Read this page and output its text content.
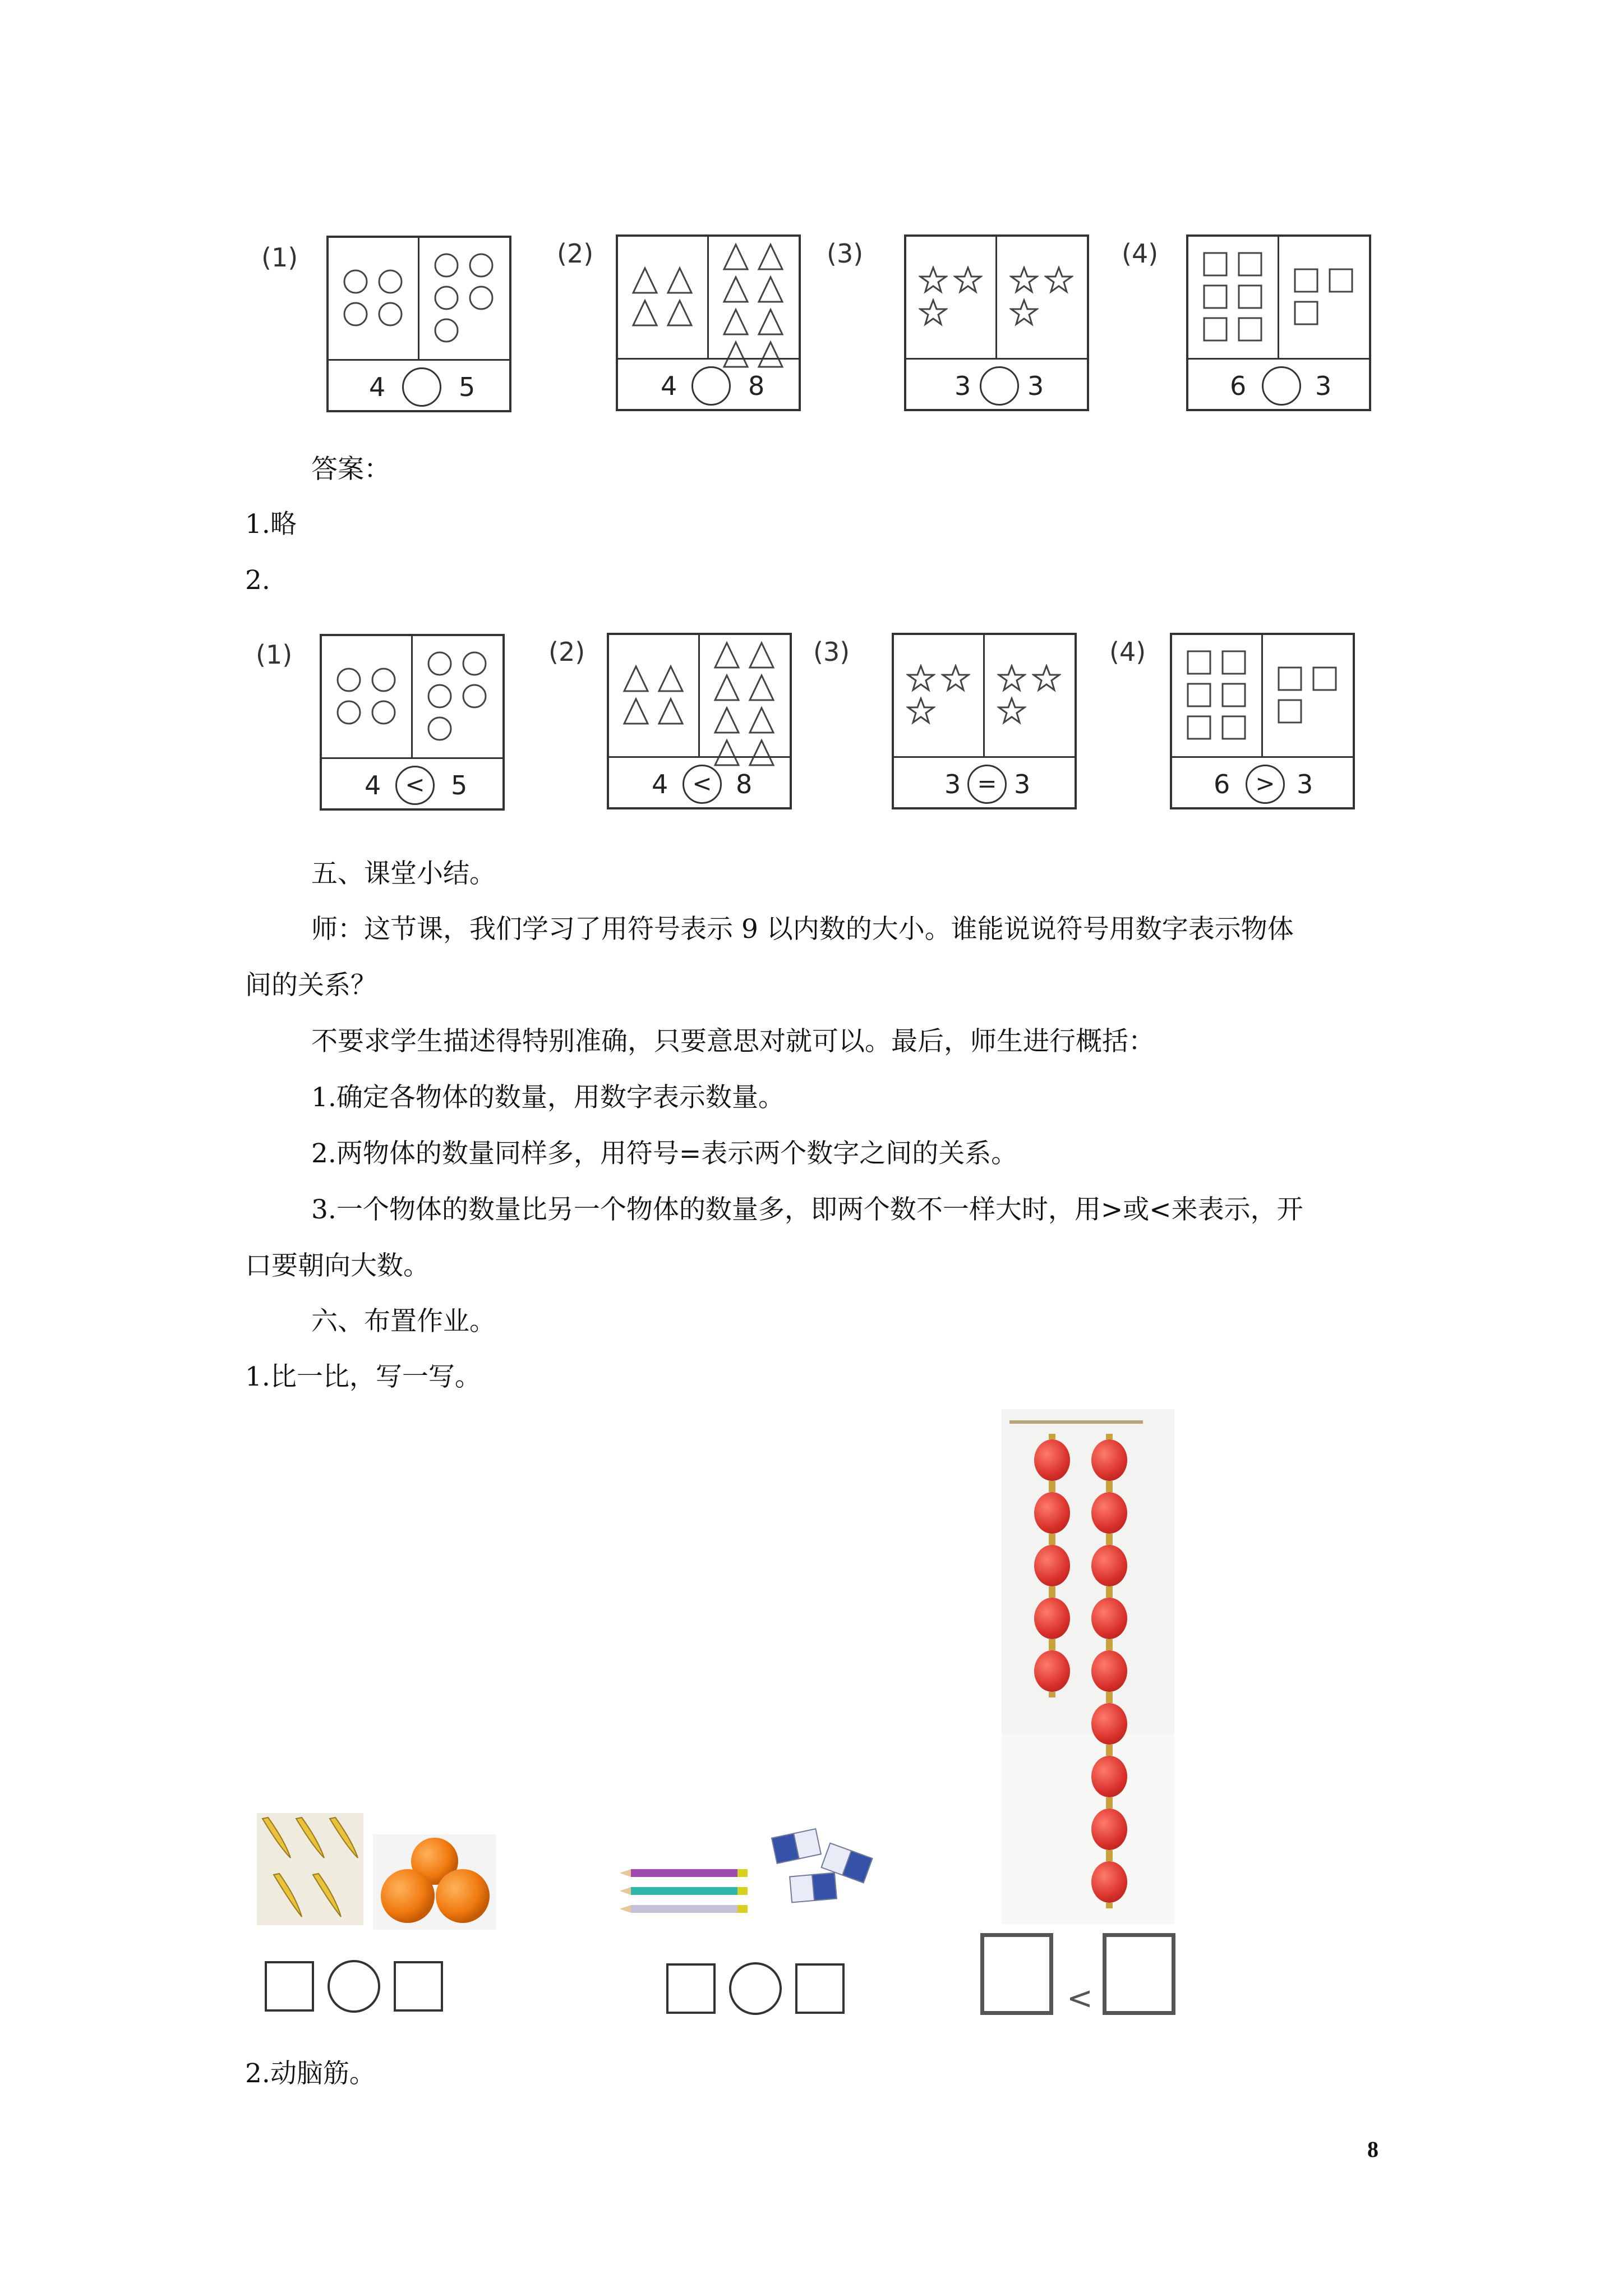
(1)
4	5
(2)
4	8
(3)
3 3
(4)
6	3
答案：
1.略
2.
(1)
4	<	5
(2)
4	< 8
(3)
3 = 3
(4)
6	> 3
五、课堂小结。
师：这节课，我们学习了用符号表示 9 以内数的大小。谁能说说符号用数字表示物体
间的关系？
不要求学生描述得特别准确，只要意思对就可以。最后，师生进行概括：
1.确定各物体的数量，用数字表示数量。
2.两物体的数量同样多，用符号=表示两个数字之间的关系。
3.一个物体的数量比另一个物体的数量多，即两个数不一样大时，用>或<来表示，开
口要朝向大数。
六、布置作业。
1.比一比，写一写。
<
2.动脑筋。
8
